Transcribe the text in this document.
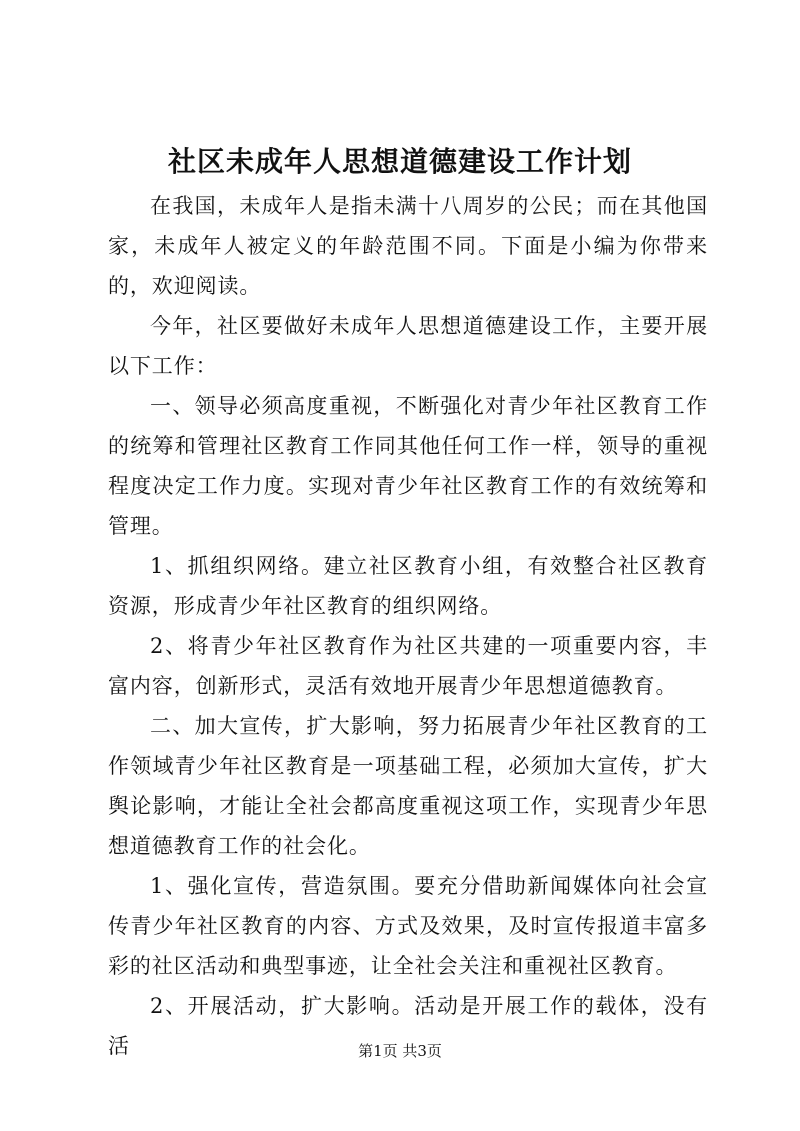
社区未成年人思想道德建设工作计划

在我国，未成年人是指未满十八周岁的公民；而在其他国家，未成年人被定义的年龄范围不同。下面是小编为你带来的，欢迎阅读。

今年，社区要做好未成年人思想道德建设工作，主要开展以下工作：

一、领导必须高度重视，不断强化对青少年社区教育工作的统筹和管理社区教育工作同其他任何工作一样，领导的重视程度决定工作力度。实现对青少年社区教育工作的有效统筹和管理。

1、抓组织网络。建立社区教育小组，有效整合社区教育资源，形成青少年社区教育的组织网络。

2、将青少年社区教育作为社区共建的一项重要内容，丰富内容，创新形式，灵活有效地开展青少年思想道德教育。

二、加大宣传，扩大影响，努力拓展青少年社区教育的工作领域青少年社区教育是一项基础工程，必须加大宣传，扩大舆论影响，才能让全社会都高度重视这项工作，实现青少年思想道德教育工作的社会化。

1、强化宣传，营造氛围。要充分借助新闻媒体向社会宣传青少年社区教育的内容、方式及效果，及时宣传报道丰富多彩的社区活动和典型事迹，让全社会关注和重视社区教育。

2、开展活动，扩大影响。活动是开展工作的载体，没有活	第1页 共3页
